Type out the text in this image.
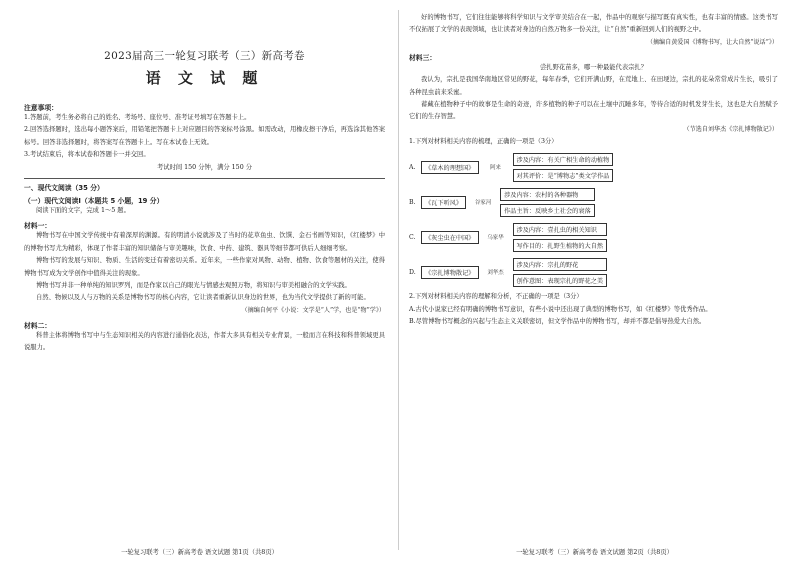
2023届高三一轮复习联考（三）新高考卷
语 文 试 题
注意事项：
1.答题前，考生务必将自己的姓名、考场号、座位号、准考证号填写在答题卡上。
2.回答选择题时，选出每小题答案后，用铅笔把答题卡上对应题目的答案标号涂黑。如需改动，用橡皮擦干净后，再选涂其他答案标号。回答非选择题时，将答案写在答题卡上。写在本试卷上无效。
3.考试结束后，将本试卷和答题卡一并交回。
考试时间 150 分钟，满分 150 分
一、现代文阅读（35 分）
（一）现代文阅读Ⅰ（本题共 5 小题，19 分）
阅读下面的文字，完成 1～5 题。
材料一：
博物书写在中国文学传统中有着深厚的渊源。有的明清小说就涉及了当时的花草鱼虫、饮馔、金石书画等知识，《红楼梦》中的博物书写尤为精彩，体现了作者丰富的知识储备与审美趣味，饮食、中药、建筑、器具等细节都可供后人细细考察。
博物书写的发展与知识、物质、生活的变迁有着密切关系。近年来，一些作家对风物、动物、植物、饮食等题材的关注，使得博物书写成为文学创作中值得关注的现象。
博物书写并非一种单纯的知识罗列，而是作家以自己的眼光与情感去观照万物，将知识与审美相融合的文学实践。
自然、物候以及人与万物的关系是博物书写的核心内容，它让读者重新认识身边的世界，也为当代文学提供了新的可能。
（摘编自何平《小说：文学是“人”学，也是“物”学》）
材料二：
科普主体将博物书写中与生态知识相关的内容进行通俗化表达，作者大多具有相关专业背景，一般而言在科技和科普领域更具说服力。
一轮复习联考（三）新高考卷 语文试题 第1页（共8页）
好的博物书写，它们往往能够将科学知识与文学审美结合在一起，作品中的观察与描写既有真实性，也有丰富的情感。这类书写不仅拓展了文学的表现领域，也让读者对身边的自然万物多一份关注，让“自然”重新回到人们的视野之中。
（摘编自黄爱国《博物书写，让大自然“说话”》）
材料三：
尝扎野花苗多，哪一种最能代表宗扎？
我认为，宗扎是我国华南地区常见的野花，每年春季，它们开满山野，在荒地上、在田埂边，宗扎的花朵常常成片生长，吸引了各种昆虫前来采蜜。
蓄藏在植物种子中的故事是生命的奇迹，许多植物的种子可以在土壤中沉睡多年，等待合适的时机发芽生长，这也是大自然赋予它们的生存智慧。
（节选自刘华杰《宗扎博物散记》）
1.下列对材料相关内容的梳理，正确的一项是（3分）
A.	《草木的理想国》	阿来
涉及内容：有关广相生命的动植物
对其评价：是“博物志”类文学作品
B.	《瓦下听风》	谷家河
涉及内容：农村的各种器物
作品主旨：反映乡土社会的衰落
C.	《灰尘虫在中国》	乌家华
涉及内容：壹扎虫的相关知识
写作目的：扎野生植物的大自然
D.	《宗扎博物散记》	刘华杰
涉及内容：宗扎的野花
创作意图：表现宗扎的野花之美
2.下列对材料相关内容的理解和分析，不正确的一项是（3分）
A.古代小说家已经有明确的博物书写意识，有些小说中还出现了典型的博物书写，如《红楼梦》等优秀作品。
B.尽管博物书写概念的兴起与生态主义关联密切，但文学作品中的博物书写，却并不都是倡导热爱大自然。
一轮复习联考（三）新高考卷 语文试题 第2页（共8页）
